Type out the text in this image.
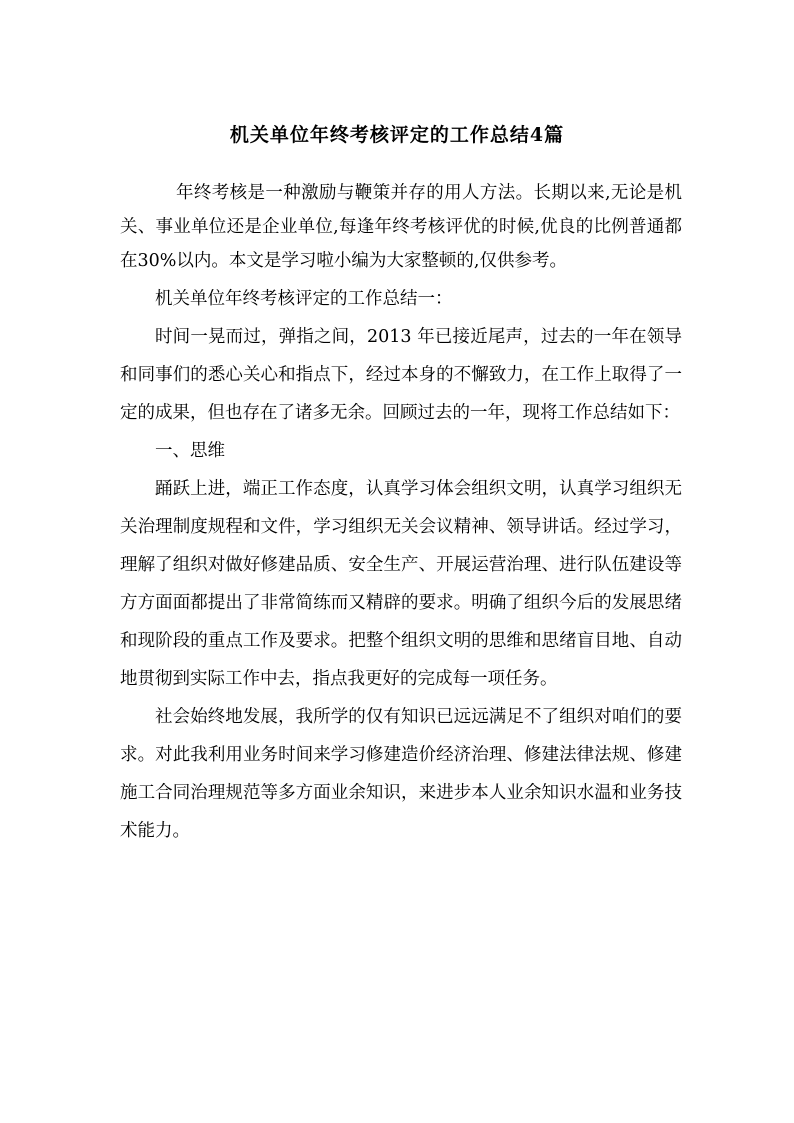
机关单位年终考核评定的工作总结4篇

年终考核是一种激励与鞭策并存的用人方法。长期以来,无论是机关、事业单位还是企业单位,每逢年终考核评优的时候,优良的比例普通都在30%以内。本文是学习啦小编为大家整顿的,仅供参考。

机关单位年终考核评定的工作总结一：

时间一晃而过，弹指之间，2013 年已接近尾声，过去的一年在领导和同事们的悉心关心和指点下，经过本身的不懈致力，在工作上取得了一定的成果，但也存在了诸多无余。回顾过去的一年，现将工作总结如下：

一、思维

踊跃上进，端正工作态度，认真学习体会组织文明，认真学习组织无关治理制度规程和文件，学习组织无关会议精神、领导讲话。经过学习，理解了组织对做好修建品质、安全生产、开展运营治理、进行队伍建设等方方面面都提出了非常简练而又精辟的要求。明确了组织今后的发展思绪和现阶段的重点工作及要求。把整个组织文明的思维和思绪盲目地、自动地贯彻到实际工作中去，指点我更好的完成每一项任务。

社会始终地发展，我所学的仅有知识已远远满足不了组织对咱们的要求。对此我利用业务时间来学习修建造价经济治理、修建法律法规、修建施工合同治理规范等多方面业余知识，来进步本人业余知识水温和业务技术能力。
